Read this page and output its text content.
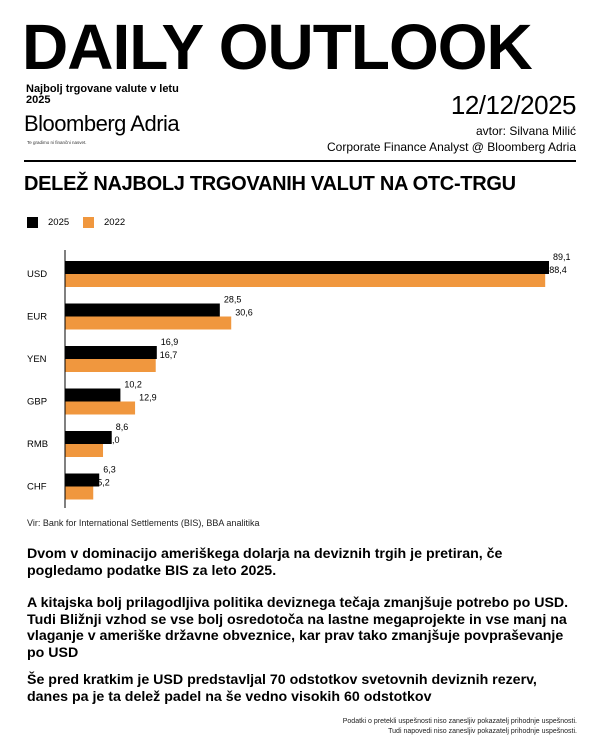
DAILY OUTLOOK
Najbolj trgovane valute v letu 2025
Bloomberg Adria
Te gradimo ni finančni nasvet.
12/12/2025
avtor: Silvana Milić
Corporate Finance Analyst @ Bloomberg Adria
DELEŽ NAJBOLJ TRGOVANIH VALUT NA OTC-TRGU
2025	2022
USD
89,1
88,4
EUR
28,5
30,6
YEN
16,9
16,7
GBP
10,2
12,9
RMB
8,6
7,0
CHF
6,3
5,2
Vir: Bank for International Settlements (BIS), BBA analitika
Dvom v dominacijo ameriškega dolarja na deviznih trgih je pretiran, če pogledamo podatke BIS za leto 2025.
A kitajska bolj prilagodljiva politika deviznega tečaja zmanjšuje potrebo po USD. Tudi Bližnji vzhod se vse bolj osredotoča na lastne megaprojekte in vse manj na vlaganje v ameriške državne obveznice, kar prav tako zmanjšuje povpraševanje po USD
Še pred kratkim je USD predstavljal 70 odstotkov svetovnih deviznih rezerv, danes pa je ta delež padel na še vedno visokih 60 odstotkov
Podatki o pretekli uspešnosti niso zanesljiv pokazatelj prihodnje uspešnosti.
Tudi napovedi niso zanesljiv pokazatelj prihodnje uspešnosti.
